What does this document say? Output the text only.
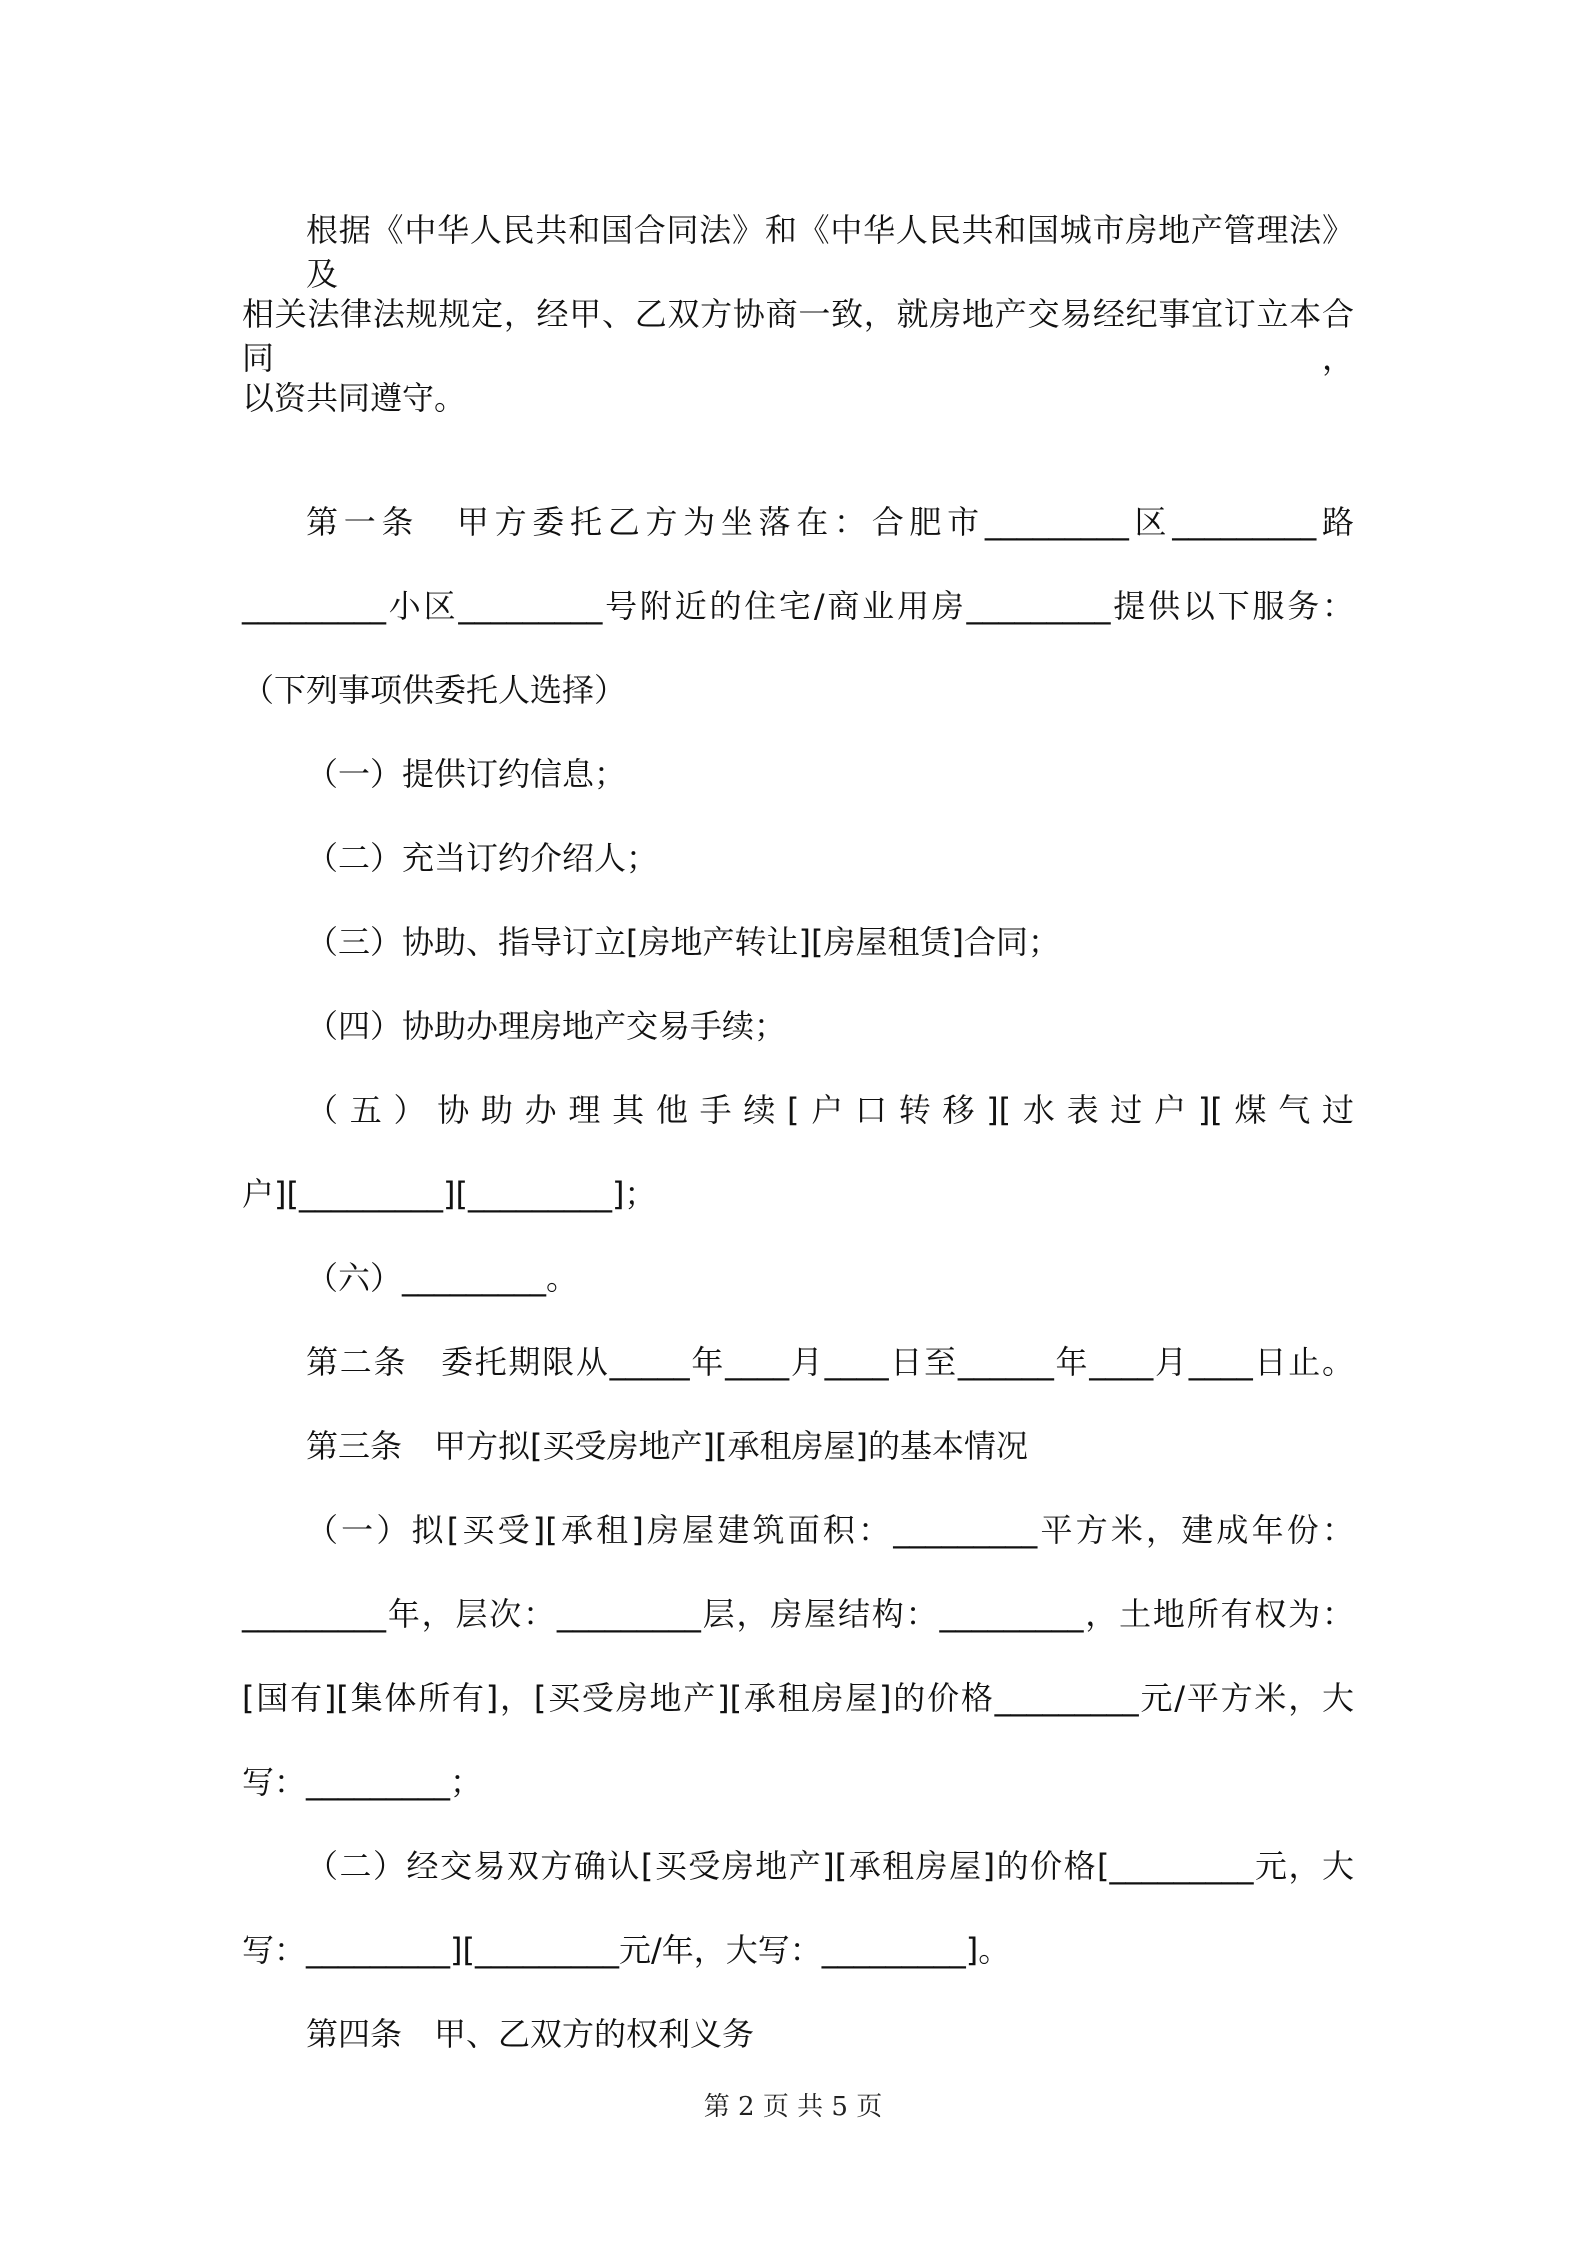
根据《中华人民共和国合同法》和《中华人民共和国城市房地产管理法》及
相关法律法规规定，经甲、乙双方协商一致，就房地产交易经纪事宜订立本合同，
以资共同遵守。
第一条　甲方委托乙方为坐落在：合肥市_________区_________路
_________小区_________号附近的住宅/商业用房_________提供以下服务：
（下列事项供委托人选择）
（一）提供订约信息；
（二）充当订约介绍人；
（三）协助、指导订立[房地产转让][房屋租赁]合同；
（四）协助办理房地产交易手续；
（五）协助办理其他手续[户口转移][水表过户][煤气过
户][_________][_________]；
（六）_________。
第二条　委托期限从_____年____月____日至______年____月____日止。
第三条　甲方拟[买受房地产][承租房屋]的基本情况
（一）拟[买受][承租]房屋建筑面积：_________平方米，建成年份：
_________年，层次：_________层，房屋结构：_________，土地所有权为：
[国有][集体所有]，[买受房地产][承租房屋]的价格_________元/平方米，大
写：_________；
（二）经交易双方确认[买受房地产][承租房屋]的价格[_________元，大
写：_________][_________元/年，大写：_________]。
第四条　甲、乙双方的权利义务
第 2 页 共 5 页
